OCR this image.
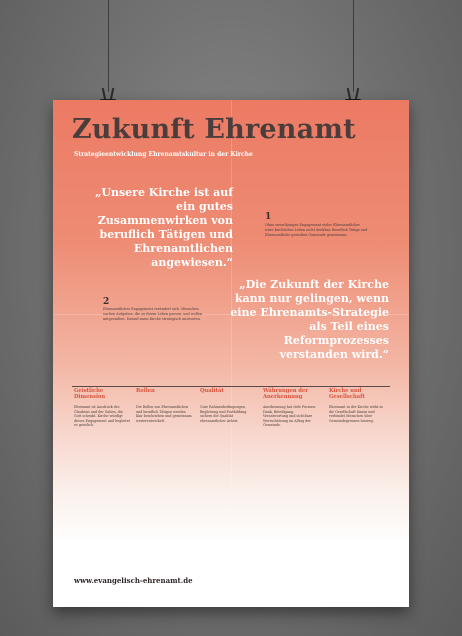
Zukunft Ehrenamt
Strategieentwicklung Ehrenamtskultur in der Kirche
„Unsere Kirche ist auf ein gutes Zusammenwirken von beruflich Tätigen und Ehrenamtlichen angewiesen.“
1
Ohne zuverlässiges Engagement vieler Ehrenamtlicher wäre kirchliches Leben nicht denkbar. Beruflich Tätige und Ehrenamtliche gestalten Gemeinde gemeinsam.
2
Ehrenamtliches Engagement verändert sich. Menschen suchen Aufgaben, die zu ihrem Leben passen, und wollen mitgestalten. Darauf muss Kirche strategisch antworten.
„Die Zukunft der Kirche kann nur gelingen, wenn eine Ehrenamts-Strategie als Teil eines Reformprozesses verstanden wird.“
Geistliche Dimension
Ehrenamt ist Ausdruck des Glaubens und der Gaben, die Gott schenkt. Kirche würdigt dieses Engagement und begleitet es geistlich.
Rollen
Die Rollen von Ehrenamtlichen und beruflich Tätigen werden klar beschrieben und gemeinsam weiterentwickelt.
Qualität
Gute Rahmenbedingungen, Begleitung und Fortbildung sichern die Qualität ehrenamtlicher Arbeit.
Währungen der Anerkennung
Anerkennung hat viele Formen: Dank, Beteiligung, Verantwortung und sichtbare Wertschätzung im Alltag der Gemeinde.
Kirche und Gesellschaft
Ehrenamt in der Kirche wirkt in die Gesellschaft hinein und verbindet Menschen über Gemeindegrenzen hinweg.
www.evangelisch-ehrenamt.de
